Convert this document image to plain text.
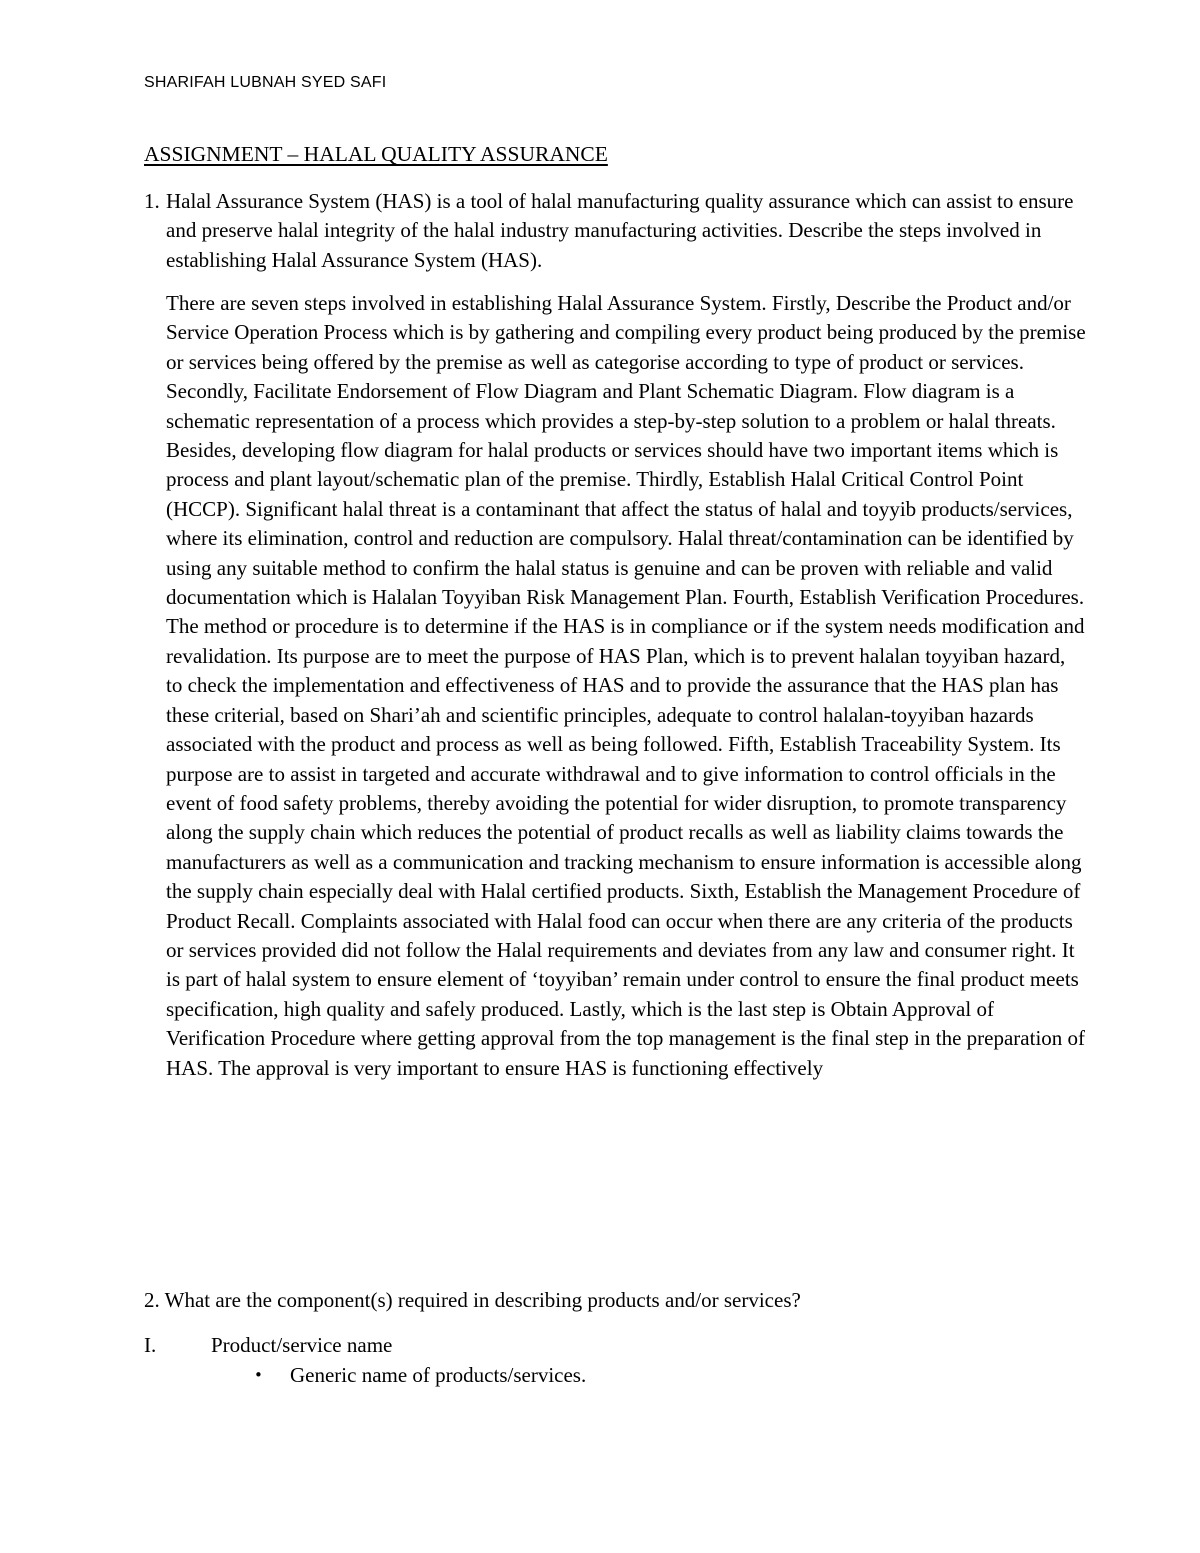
SHARIFAH LUBNAH SYED SAFI
ASSIGNMENT – HALAL QUALITY ASSURANCE
1. Halal Assurance System (HAS) is a tool of halal manufacturing quality assurance which can assist to ensure and preserve halal integrity of the halal industry manufacturing activities. Describe the steps involved in establishing Halal Assurance System (HAS).

There are seven steps involved in establishing Halal Assurance System. Firstly, Describe the Product and/or Service Operation Process which is by gathering and compiling every product being produced by the premise or services being offered by the premise as well as categorise according to type of product or services. Secondly, Facilitate Endorsement of Flow Diagram and Plant Schematic Diagram. Flow diagram is a schematic representation of a process which provides a step-by-step solution to a problem or halal threats. Besides, developing flow diagram for halal products or services should have two important items which is process and plant layout/schematic plan of the premise. Thirdly, Establish Halal Critical Control Point (HCCP). Significant halal threat is a contaminant that affect the status of halal and toyyib products/services, where its elimination, control and reduction are compulsory. Halal threat/contamination can be identified by using any suitable method to confirm the halal status is genuine and can be proven with reliable and valid documentation which is Halalan Toyyiban Risk Management Plan. Fourth, Establish Verification Procedures. The method or procedure is to determine if the HAS is in compliance or if the system needs modification and revalidation. Its purpose are to meet the purpose of HAS Plan, which is to prevent halalan toyyiban hazard, to check the implementation and effectiveness of HAS and to provide the assurance that the HAS plan has these criterial, based on Shari’ah and scientific principles, adequate to control halalan-toyyiban hazards associated with the product and process as well as being followed. Fifth, Establish Traceability System. Its purpose are to assist in targeted and accurate withdrawal and to give information to control officials in the event of food safety problems, thereby avoiding the potential for wider disruption, to promote transparency along the supply chain which reduces the potential of product recalls as well as liability claims towards the manufacturers as well as a communication and tracking mechanism to ensure information is accessible along the supply chain especially deal with Halal certified products. Sixth, Establish the Management Procedure of Product Recall. Complaints associated with Halal food can occur when there are any criteria of the products or services provided did not follow the Halal requirements and deviates from any law and consumer right. It is part of halal system to ensure element of ‘toyyiban’ remain under control to ensure the final product meets specification, high quality and safely produced. Lastly, which is the last step is Obtain Approval of Verification Procedure where getting approval from the top management is the final step in the preparation of HAS. The approval is very important to ensure HAS is functioning effectively

2. What are the component(s) required in describing products and/or services?
I.	Product/service name
• Generic name of products/services.
